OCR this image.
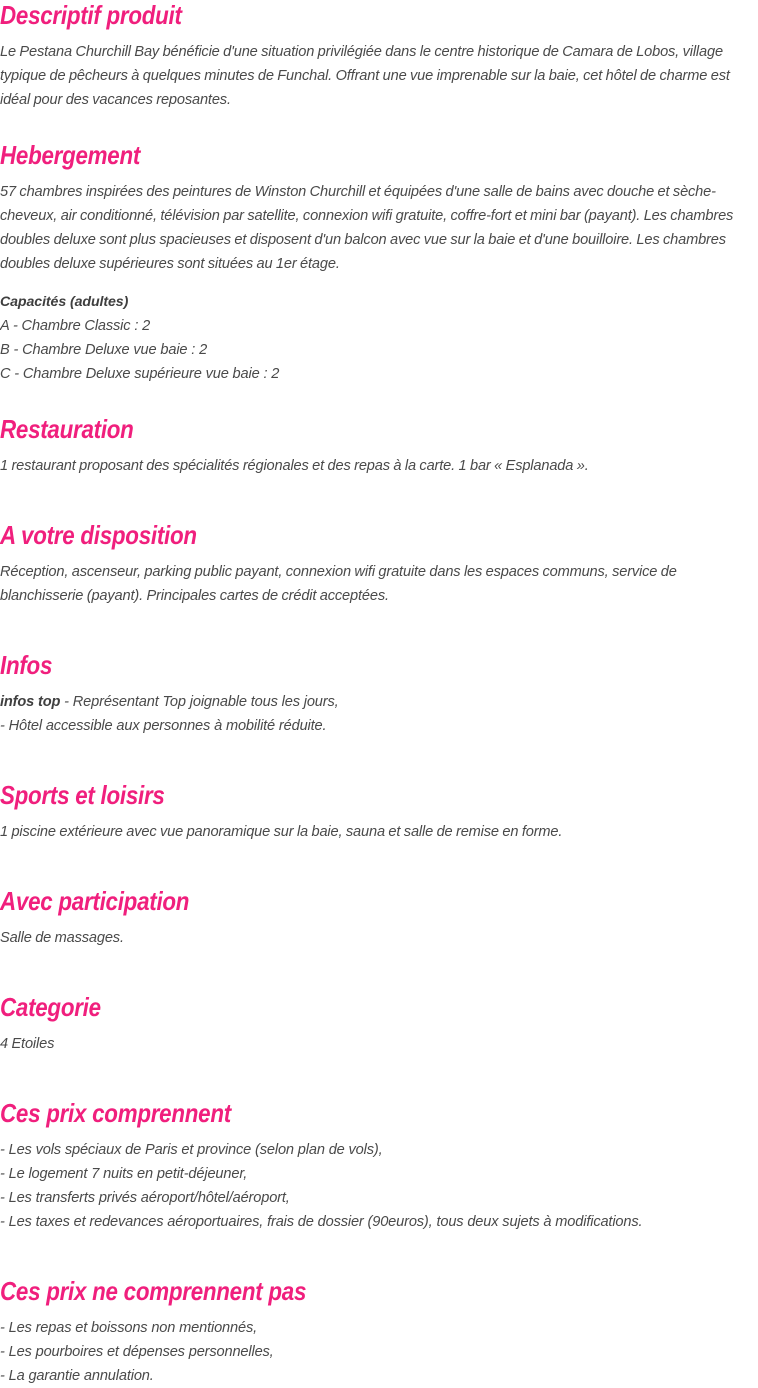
Descriptif produit

Le Pestana Churchill Bay bénéficie d'une situation privilégiée dans le centre historique de Camara de Lobos, village typique de pêcheurs à quelques minutes de Funchal. Offrant une vue imprenable sur la baie, cet hôtel de charme est idéal pour des vacances reposantes.

Hebergement

57 chambres inspirées des peintures de Winston Churchill et équipées d'une salle de bains avec douche et sèche-cheveux, air conditionné, télévision par satellite, connexion wifi gratuite, coffre-fort et mini bar (payant). Les chambres doubles deluxe sont plus spacieuses et disposent d'un balcon avec vue sur la baie et d'une bouilloire. Les chambres doubles deluxe supérieures sont situées au 1er étage.

Capacités (adultes)

A - Chambre Classic : 2

B - Chambre Deluxe vue baie : 2

C - Chambre Deluxe supérieure vue baie : 2

Restauration

1 restaurant proposant des spécialités régionales et des repas à la carte. 1 bar « Esplanada ».

A votre disposition

Réception, ascenseur, parking public payant, connexion wifi gratuite dans les espaces communs, service de blanchisserie (payant). Principales cartes de crédit acceptées.

Infos

infos top - Représentant Top joignable tous les jours,

- Hôtel accessible aux personnes à mobilité réduite.

Sports et loisirs

1 piscine extérieure avec vue panoramique sur la baie, sauna et salle de remise en forme.

Avec participation

Salle de massages.

Categorie

4 Etoiles

Ces prix comprennent

- Les vols spéciaux de Paris et province (selon plan de vols),

- Le logement 7 nuits en petit-déjeuner,

- Les transferts privés aéroport/hôtel/aéroport,

- Les taxes et redevances aéroportuaires, frais de dossier (90euros), tous deux sujets à modifications.

Ces prix ne comprennent pas

- Les repas et boissons non mentionnés,

- Les pourboires et dépenses personnelles,

- La garantie annulation.
